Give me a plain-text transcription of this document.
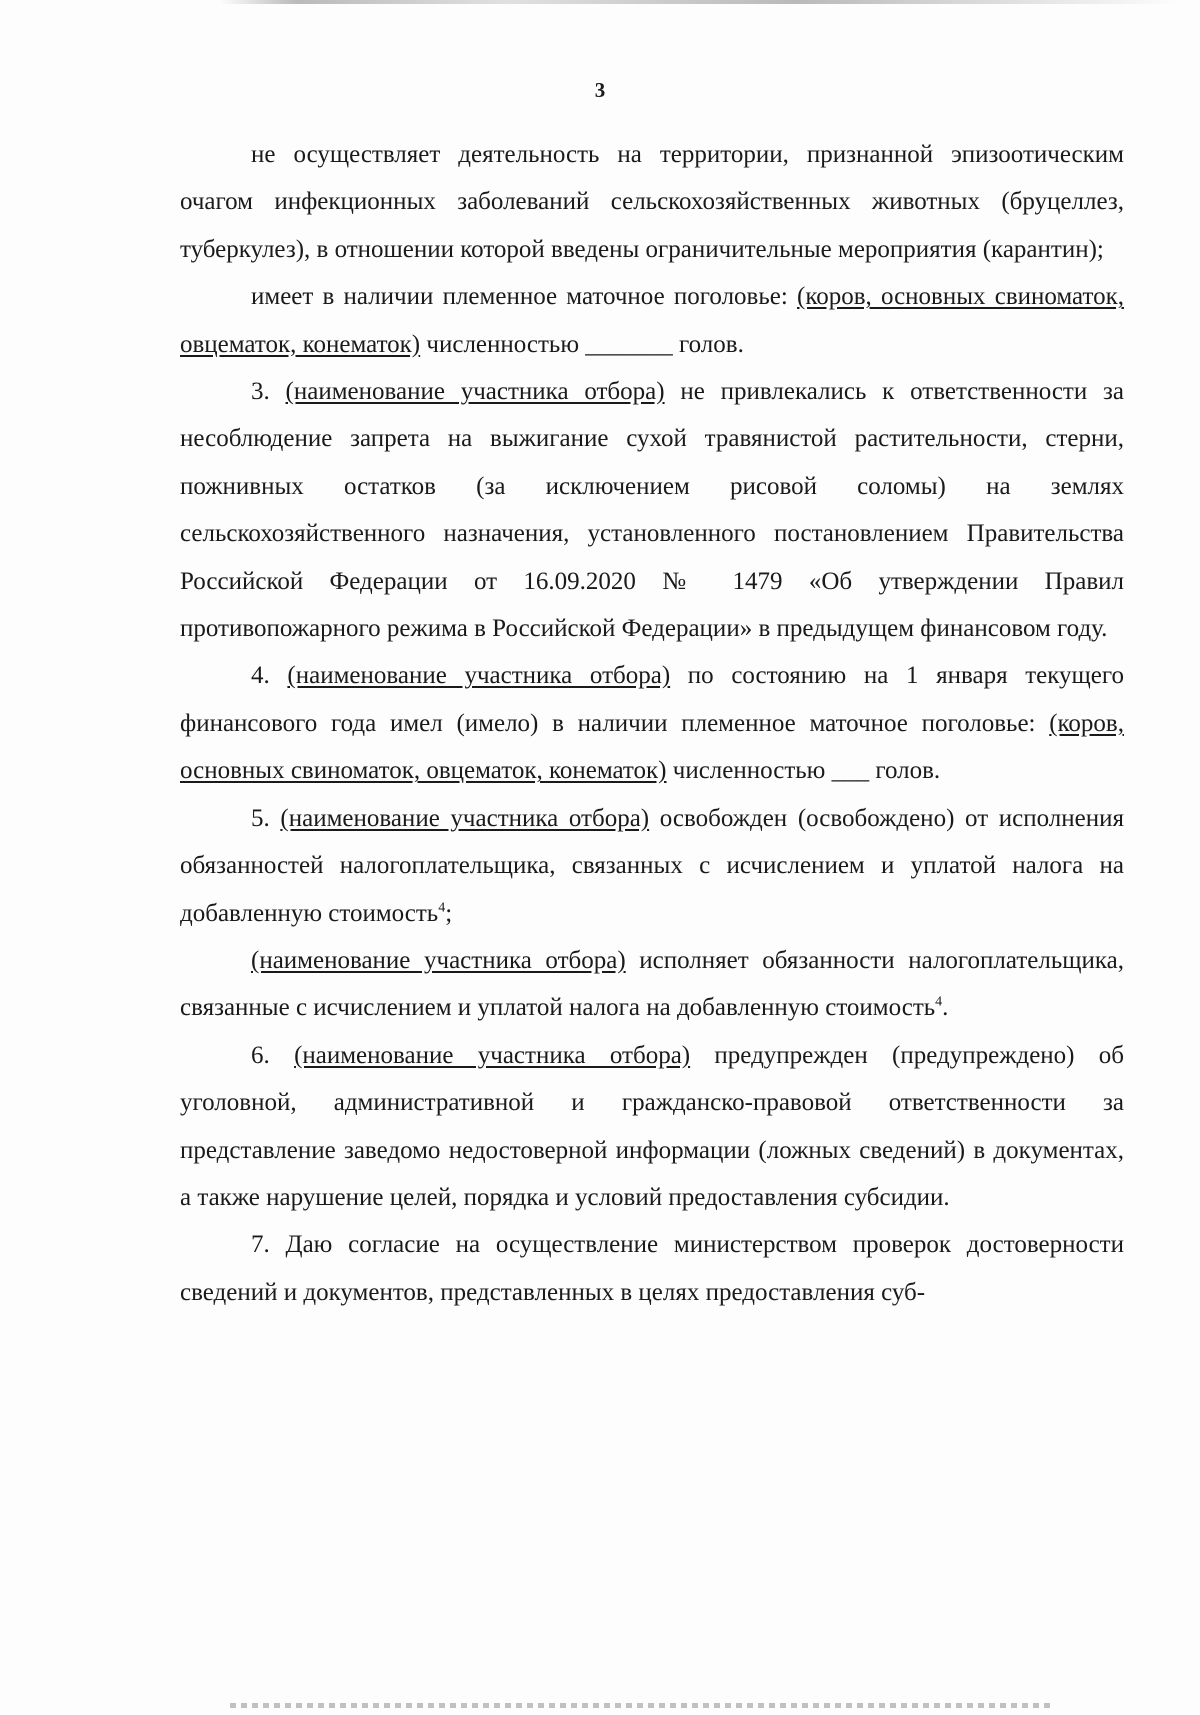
3

не осуществляет деятельность на территории, признанной эпизоотическим очагом инфекционных заболеваний сельскохозяйственных животных (бруцеллез, туберкулез), в отношении которой введены ограничительные мероприятия (карантин);

имеет в наличии племенное маточное поголовье: (коров, основных свиноматок, овцематок, конематок) численностью _______ голов.

3. (наименование участника отбора) не привлекались к ответственности за несоблюдение запрета на выжигание сухой травянистой растительности, стерни, пожнивных остатков (за исключением рисовой соломы) на землях сельскохозяйственного назначения, установленного постановлением Правительства Российской Федерации от 16.09.2020 № 1479 «Об утверждении Правил противопожарного режима в Российской Федерации» в предыдущем финансовом году.

4. (наименование участника отбора) по состоянию на 1 января текущего финансового года имел (имело) в наличии племенное маточное поголовье: (коров, основных свиноматок, овцематок, конематок) численностью ___ голов.

5. (наименование участника отбора) освобожден (освобождено) от исполнения обязанностей налогоплательщика, связанных с исчислением и уплатой налога на добавленную стоимость$^4$;

(наименование участника отбора) исполняет обязанности налогоплательщика, связанные с исчислением и уплатой налога на добавленную стоимость$^4$.

6. (наименование участника отбора) предупрежден (предупреждено) об уголовной, административной и гражданско-правовой ответственности за представление заведомо недостоверной информации (ложных сведений) в документах, а также нарушение целей, порядка и условий предоставления субсидии.

7. Даю согласие на осуществление министерством проверок достоверности сведений и документов, представленных в целях предоставления суб-
